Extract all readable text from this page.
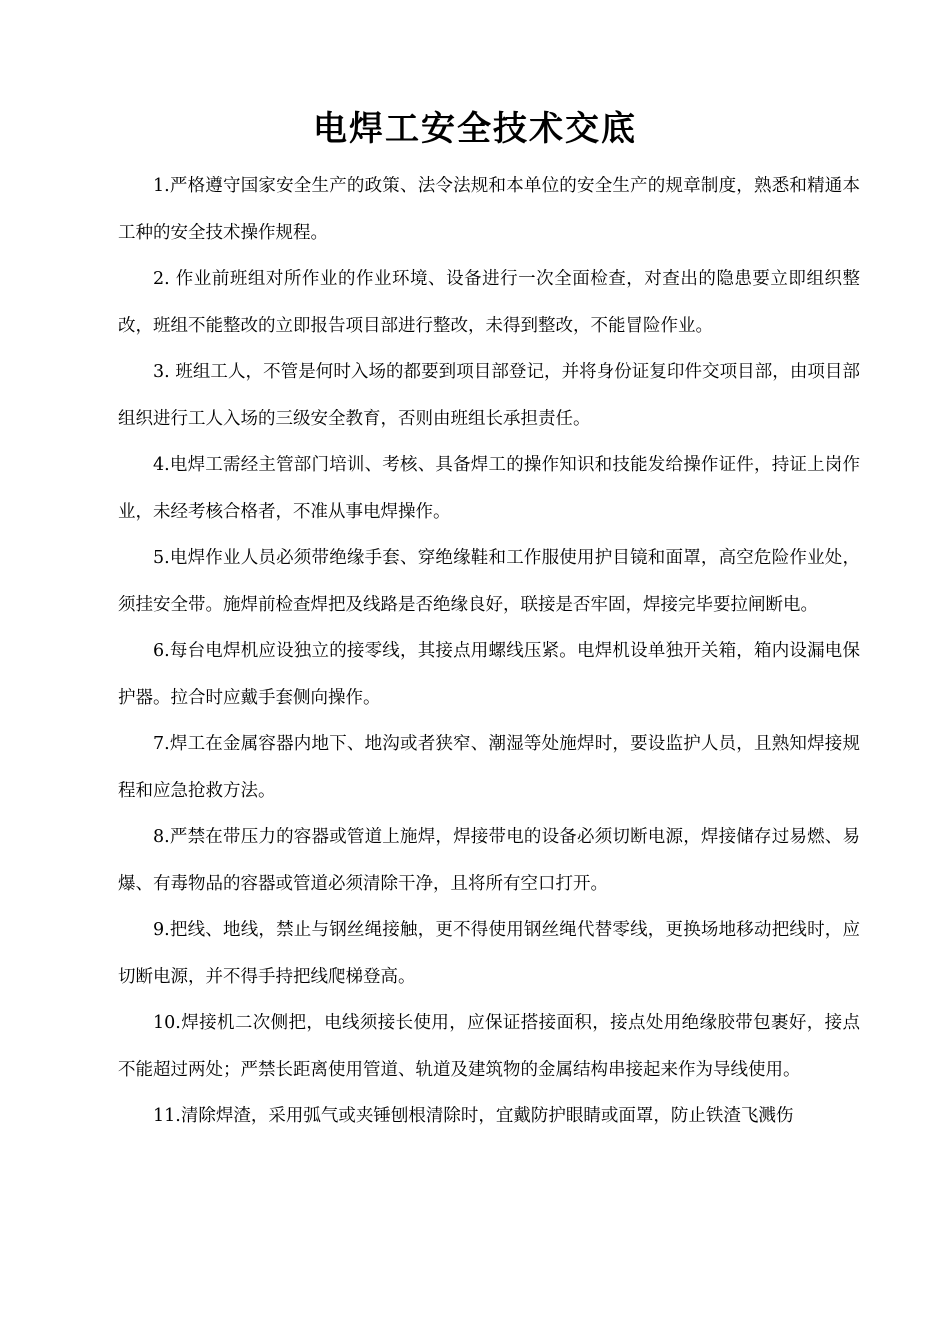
电焊工安全技术交底

1.严格遵守国家安全生产的政策、法令法规和本单位的安全生产的规章制度，熟悉和精通本工种的安全技术操作规程。

2. 作业前班组对所作业的作业环境、设备进行一次全面检查，对查出的隐患要立即组织整改，班组不能整改的立即报告项目部进行整改，未得到整改，不能冒险作业。

3. 班组工人，不管是何时入场的都要到项目部登记，并将身份证复印件交项目部，由项目部组织进行工人入场的三级安全教育，否则由班组长承担责任。

4.电焊工需经主管部门培训、考核、具备焊工的操作知识和技能发给操作证件，持证上岗作业，未经考核合格者，不准从事电焊操作。

5.电焊作业人员必须带绝缘手套、穿绝缘鞋和工作服使用护目镜和面罩，高空危险作业处，须挂安全带。施焊前检查焊把及线路是否绝缘良好，联接是否牢固，焊接完毕要拉闸断电。

6.每台电焊机应设独立的接零线，其接点用螺线压紧。电焊机设单独开关箱，箱内设漏电保护器。拉合时应戴手套侧向操作。

7.焊工在金属容器内地下、地沟或者狭窄、潮湿等处施焊时，要设监护人员，且熟知焊接规程和应急抢救方法。

8.严禁在带压力的容器或管道上施焊，焊接带电的设备必须切断电源，焊接储存过易燃、易爆、有毒物品的容器或管道必须清除干净，且将所有空口打开。

9.把线、地线，禁止与钢丝绳接触，更不得使用钢丝绳代替零线，更换场地移动把线时，应切断电源，并不得手持把线爬梯登高。

10.焊接机二次侧把，电线须接长使用，应保证搭接面积，接点处用绝缘胶带包裹好，接点不能超过两处；严禁长距离使用管道、轨道及建筑物的金属结构串接起来作为导线使用。

11.清除焊渣，采用弧气或夹锤刨根清除时，宜戴防护眼睛或面罩，防止铁渣飞溅伤
